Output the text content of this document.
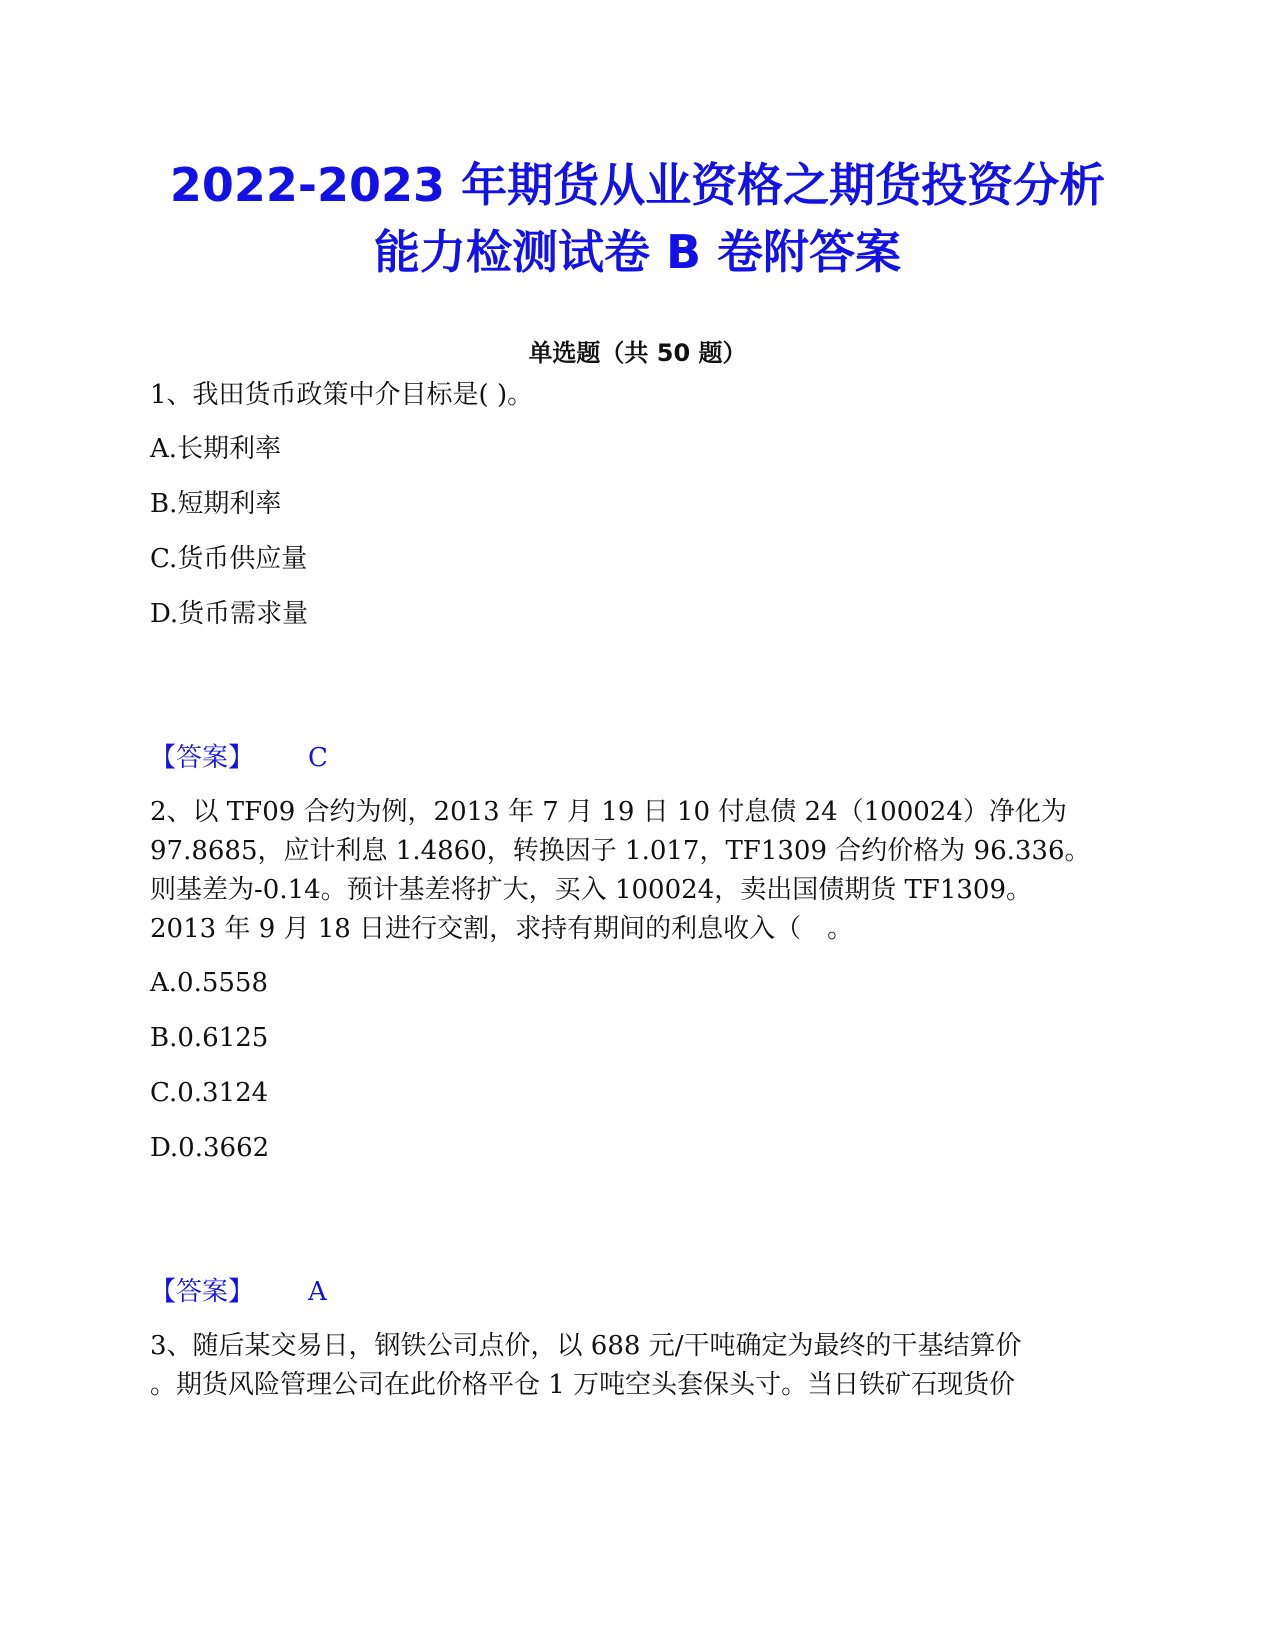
2022-2023 年期货从业资格之期货投资分析
能力检测试卷 B 卷附答案
单选题（共 50 题）
1、我田货币政策中介目标是( )。
A.长期利率
B.短期利率
C.货币供应量
D.货币需求量
【答案】 C
2、以 TF09 合约为例，2013 年 7 月 19 日 10 付息债 24（100024）净化为
97.8685，应计利息 1.4860，转换因子 1.017，TF1309 合约价格为 96.336。
则基差为-0.14。预计基差将扩大，买入 100024，卖出国债期货 TF1309。
2013 年 9 月 18 日进行交割，求持有期间的利息收入（　。
A.0.5558
B.0.6125
C.0.3124
D.0.3662
【答案】 A
3、随后某交易日，钢铁公司点价，以 688 元/干吨确定为最终的干基结算价
。期货风险管理公司在此价格平仓 1 万吨空头套保头寸。当日铁矿石现货价
